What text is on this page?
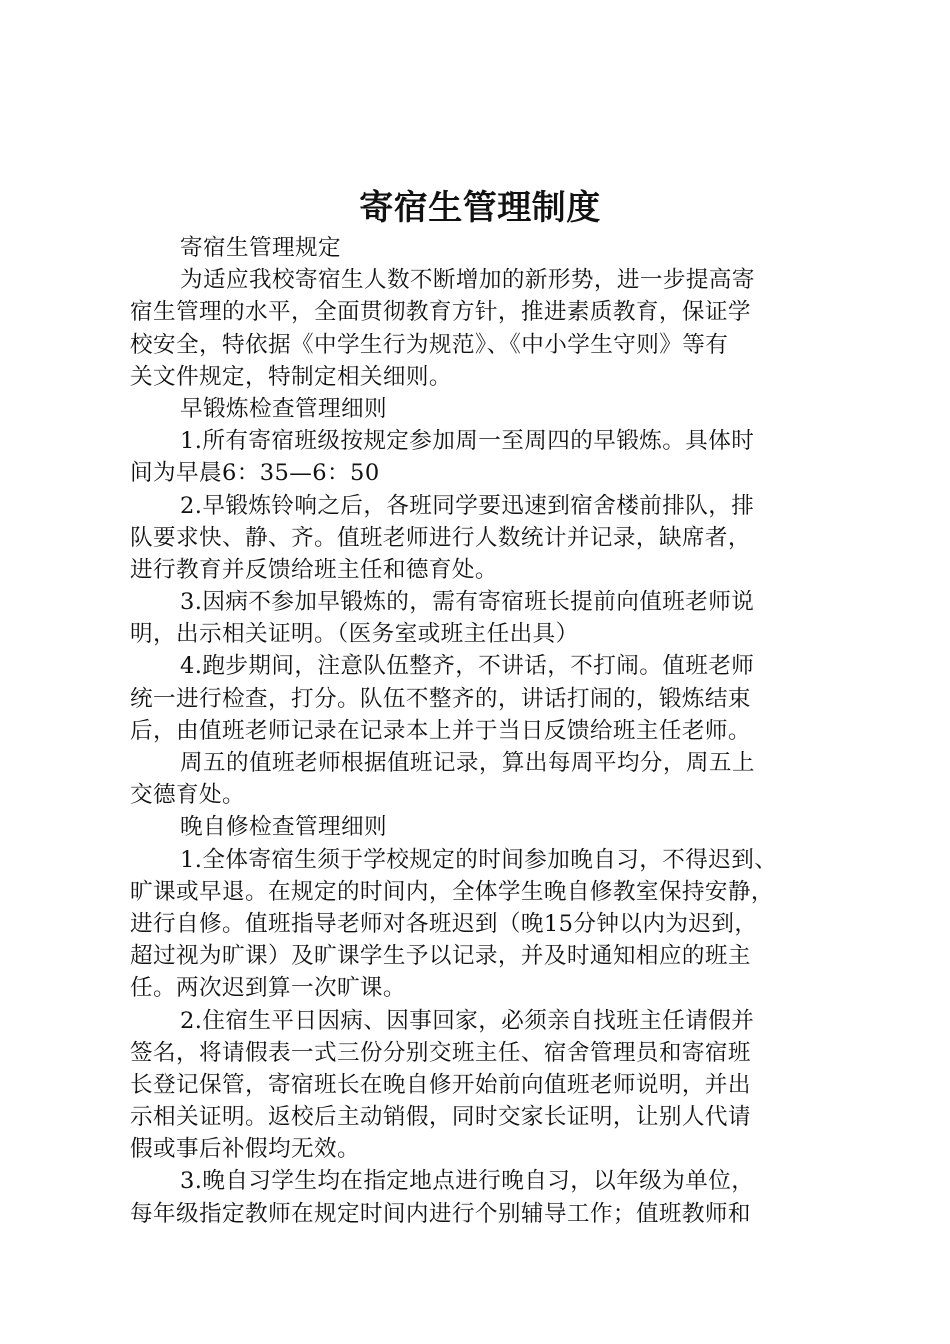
寄宿生管理制度
寄宿生管理规定
为适应我校寄宿生人数不断增加的新形势，进一步提高寄
宿生管理的水平，全面贯彻教育方针，推进素质教育，保证学
校安全，特依据《中学生行为规范》、《中小学生守则》等有
关文件规定，特制定相关细则。
早锻炼检查管理细则
1.所有寄宿班级按规定参加周一至周四的早锻炼。具体时
间为早晨6：35—6：50
2.早锻炼铃响之后，各班同学要迅速到宿舍楼前排队，排
队要求快、静、齐。值班老师进行人数统计并记录，缺席者，
进行教育并反馈给班主任和德育处。
3.因病不参加早锻炼的，需有寄宿班长提前向值班老师说
明，出示相关证明。（医务室或班主任出具）
4.跑步期间，注意队伍整齐，不讲话，不打闹。值班老师
统一进行检查，打分。队伍不整齐的，讲话打闹的，锻炼结束
后，由值班老师记录在记录本上并于当日反馈给班主任老师。
周五的值班老师根据值班记录，算出每周平均分，周五上
交德育处。
晚自修检查管理细则
1.全体寄宿生须于学校规定的时间参加晚自习，不得迟到、
旷课或早退。在规定的时间内，全体学生晚自修教室保持安静，
进行自修。值班指导老师对各班迟到（晚15分钟以内为迟到，
超过视为旷课）及旷课学生予以记录，并及时通知相应的班主
任。两次迟到算一次旷课。
2.住宿生平日因病、因事回家，必须亲自找班主任请假并
签名，将请假表一式三份分别交班主任、宿舍管理员和寄宿班
长登记保管，寄宿班长在晚自修开始前向值班老师说明，并出
示相关证明。返校后主动销假，同时交家长证明，让别人代请
假或事后补假均无效。
3.晚自习学生均在指定地点进行晚自习，以年级为单位，
每年级指定教师在规定时间内进行个别辅导工作；值班教师和
